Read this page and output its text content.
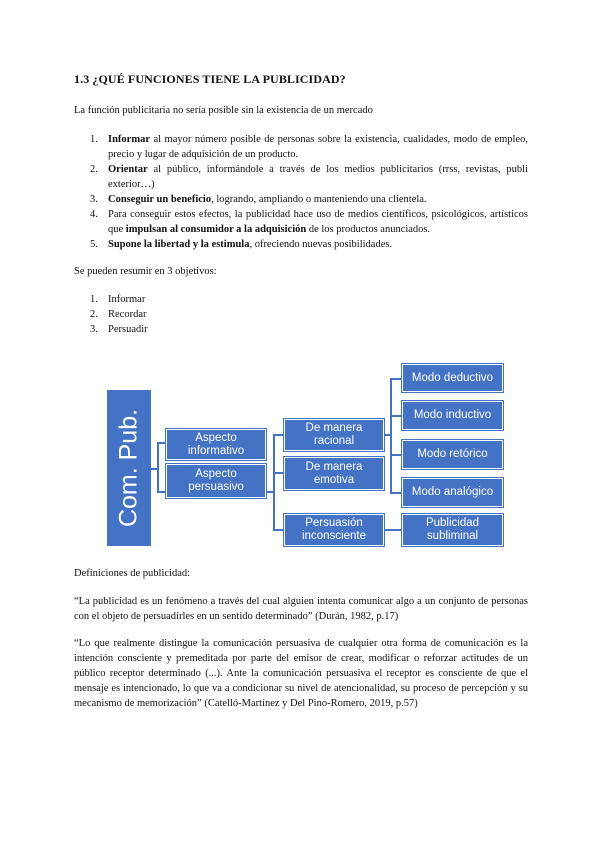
1.3 ¿QUÉ FUNCIONES TIENE LA PUBLICIDAD?
La función publicitaria no sería posible sin la existencia de un mercado
1. Informar al mayor número posible de personas sobre la existencia, cualidades, modo de empleo, precio y lugar de adquisición de un producto.
2. Orientar al público, informándole a través de los medios publicitarios (rrss, revistas, publi exterior…)
3. Conseguir un beneficio, logrando, ampliando o manteniendo una clientela.
4. Para conseguir estos efectos, la publicidad hace uso de medios científicos, psicológicos, artísticos que impulsan al consumidor a la adquisición de los productos anunciados.
5. Supone la libertad y la estimula, ofreciendo nuevas posibilidades.
Se pueden resumir en 3 objetivos:
1. Informar
2. Recordar
3. Persuadir
Com. Pub.	Aspecto informativo
Aspecto persuasivo
De manera racional
De manera emotiva
Persuasión inconsciente
Modo deductivo
Modo inductivo
Modo retórico
Modo analógico
Publicidad subliminal
Definiciones de publicidad:
“La publicidad es un fenómeno a través del cual alguien intenta comunicar algo a un conjunto de personas con el objeto de persuadirles en un sentido determinado” (Durán, 1982, p.17)
“Lo que realmente distingue la comunicación persuasiva de cualquier otra forma de comunicación es la intención consciente y premeditada por parte del emisor de crear, modificar o reforzar actitudes de un público receptor determinado (...). Ante la comunicación persuasiva el receptor es consciente de que el mensaje es intencionado, lo que va a condicionar su nivel de atencionalidad, su proceso de percepción y su mecanismo de memorización” (Catelló-Martínez y Del Pino-Romero, 2019, p.57)
